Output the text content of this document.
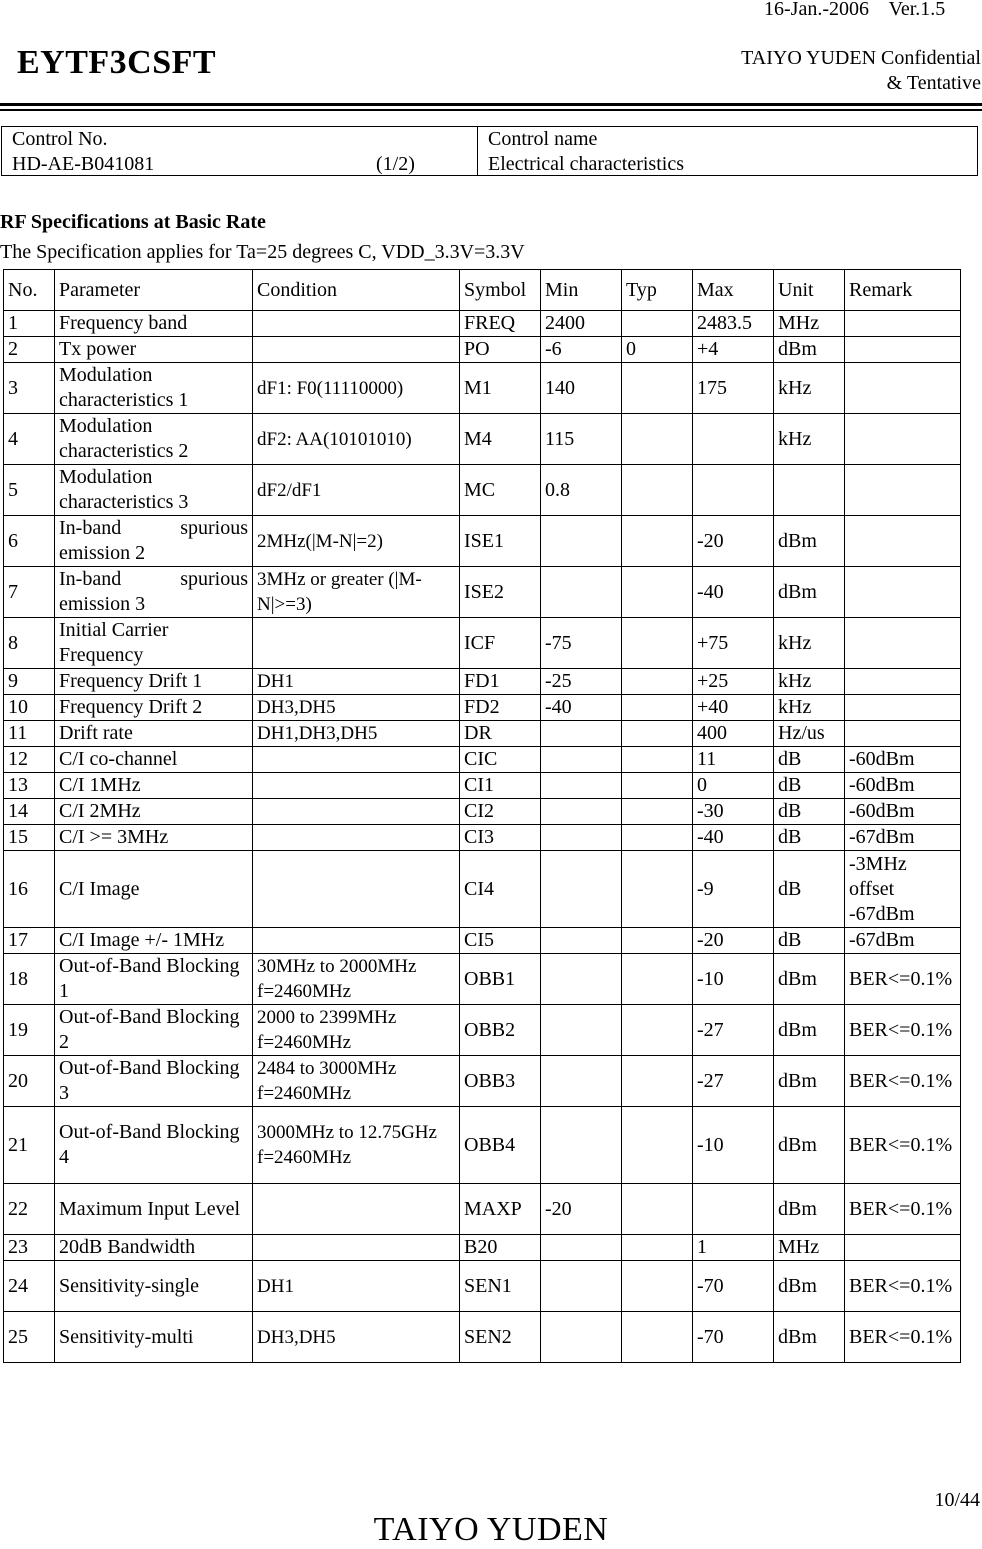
16-Jan.-2006    Ver.1.5
EYTF3CSFT	TAIYO YUDEN Confidential
& Tentative
Control No.
HD-AE-B041081	(1/2)
Control name
Electrical characteristics
RF Specifications at Basic Rate
The Specification applies for Ta=25 degrees C, VDD_3.3V=3.3V
No.	Parameter	Condition	Symbol	Min	Typ	Max	Unit	Remark
1	Frequency band		FREQ	2400		2483.5	MHz	
2	Tx power		PO	-6	0	+4	dBm	
3	Modulation characteristics 1	dF1: F0(11110000)	M1	140		175	kHz	
4	Modulation characteristics 2	dF2: AA(10101010)	M4	115			kHz	
5	Modulation characteristics 3	dF2/dF1	MC	0.8				
6	In-band spurious emission 2	2MHz(|M-N|=2)	ISE1			-20	dBm	
7	In-band spurious emission 3	3MHz or greater (|M-N|>=3)	ISE2			-40	dBm	
8	Initial Carrier Frequency		ICF	-75		+75	kHz	
9	Frequency Drift 1	DH1	FD1	-25		+25	kHz	
10	Frequency Drift 2	DH3,DH5	FD2	-40		+40	kHz	
11	Drift rate	DH1,DH3,DH5	DR			400	Hz/us	
12	C/I co-channel		CIC			11	dB	-60dBm
13	C/I 1MHz		CI1			0	dB	-60dBm
14	C/I 2MHz		CI2			-30	dB	-60dBm
15	C/I >= 3MHz		CI3			-40	dB	-67dBm
16	C/I Image		CI4			-9	dB	-3MHz offset -67dBm
17	C/I Image +/- 1MHz		CI5			-20	dB	-67dBm
18	Out-of-Band Blocking 1	30MHz to 2000MHz f=2460MHz	OBB1			-10	dBm	BER<=0.1%
19	Out-of-Band Blocking 2	2000 to 2399MHz f=2460MHz	OBB2			-27	dBm	BER<=0.1%
20	Out-of-Band Blocking 3	2484 to 3000MHz f=2460MHz	OBB3			-27	dBm	BER<=0.1%
21	Out-of-Band Blocking 4	3000MHz to 12.75GHz f=2460MHz	OBB4			-10	dBm	BER<=0.1%
22	Maximum Input Level		MAXP	-20			dBm	BER<=0.1%
23	20dB Bandwidth		B20			1	MHz	
24	Sensitivity-single	DH1	SEN1			-70	dBm	BER<=0.1%
25	Sensitivity-multi	DH3,DH5	SEN2			-70	dBm	BER<=0.1%
10/44
TAIYO YUDEN
